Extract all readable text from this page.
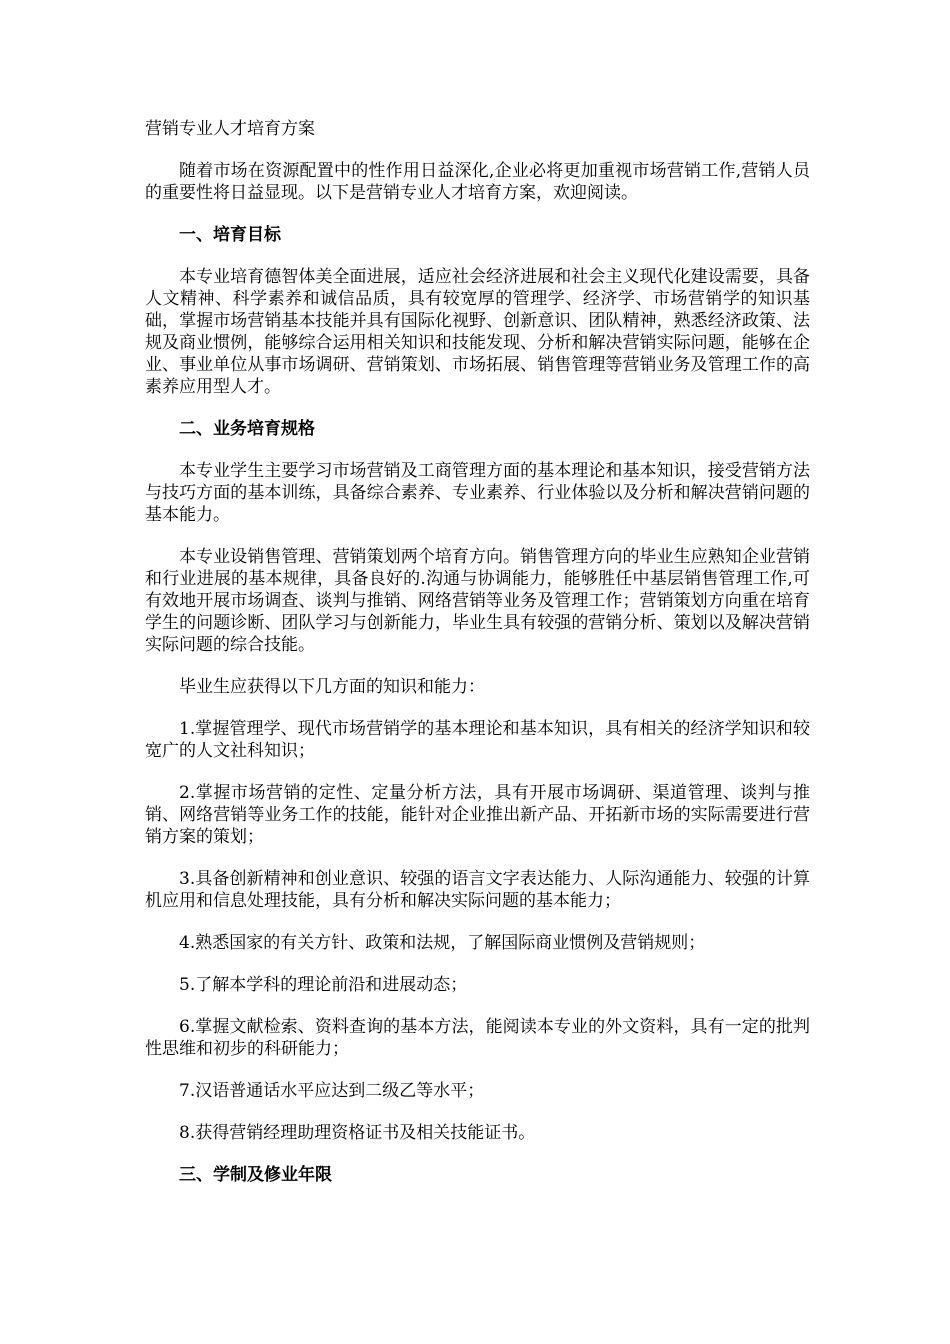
营销专业人才培育方案

随着市场在资源配置中的性作用日益深化,企业必将更加重视市场营销工作,营销人员的重要性将日益显现。以下是营销专业人才培育方案，欢迎阅读。

一、培育目标

本专业培育德智体美全面进展，适应社会经济进展和社会主义现代化建设需要，具备人文精神、科学素养和诚信品质，具有较宽厚的管理学、经济学、市场营销学的知识基础，掌握市场营销基本技能并具有国际化视野、创新意识、团队精神，熟悉经济政策、法规及商业惯例，能够综合运用相关知识和技能发现、分析和解决营销实际问题，能够在企业、事业单位从事市场调研、营销策划、市场拓展、销售管理等营销业务及管理工作的高素养应用型人才。

二、业务培育规格

本专业学生主要学习市场营销及工商管理方面的基本理论和基本知识，接受营销方法与技巧方面的基本训练，具备综合素养、专业素养、行业体验以及分析和解决营销问题的基本能力。

本专业设销售管理、营销策划两个培育方向。销售管理方向的毕业生应熟知企业营销和行业进展的基本规律，具备良好的.沟通与协调能力，能够胜任中基层销售管理工作,可有效地开展市场调查、谈判与推销、网络营销等业务及管理工作；营销策划方向重在培育学生的问题诊断、团队学习与创新能力，毕业生具有较强的营销分析、策划以及解决营销实际问题的综合技能。

毕业生应获得以下几方面的知识和能力：

1.掌握管理学、现代市场营销学的基本理论和基本知识，具有相关的经济学知识和较宽广的人文社科知识；

2.掌握市场营销的定性、定量分析方法，具有开展市场调研、渠道管理、谈判与推销、网络营销等业务工作的技能，能针对企业推出新产品、开拓新市场的实际需要进行营销方案的策划；

3.具备创新精神和创业意识、较强的语言文字表达能力、人际沟通能力、较强的计算机应用和信息处理技能，具有分析和解决实际问题的基本能力；

4.熟悉国家的有关方针、政策和法规，了解国际商业惯例及营销规则；

5.了解本学科的理论前沿和进展动态；

6.掌握文献检索、资料查询的基本方法，能阅读本专业的外文资料，具有一定的批判性思维和初步的科研能力；

7.汉语普通话水平应达到二级乙等水平；

8.获得营销经理助理资格证书及相关技能证书。

三、学制及修业年限
